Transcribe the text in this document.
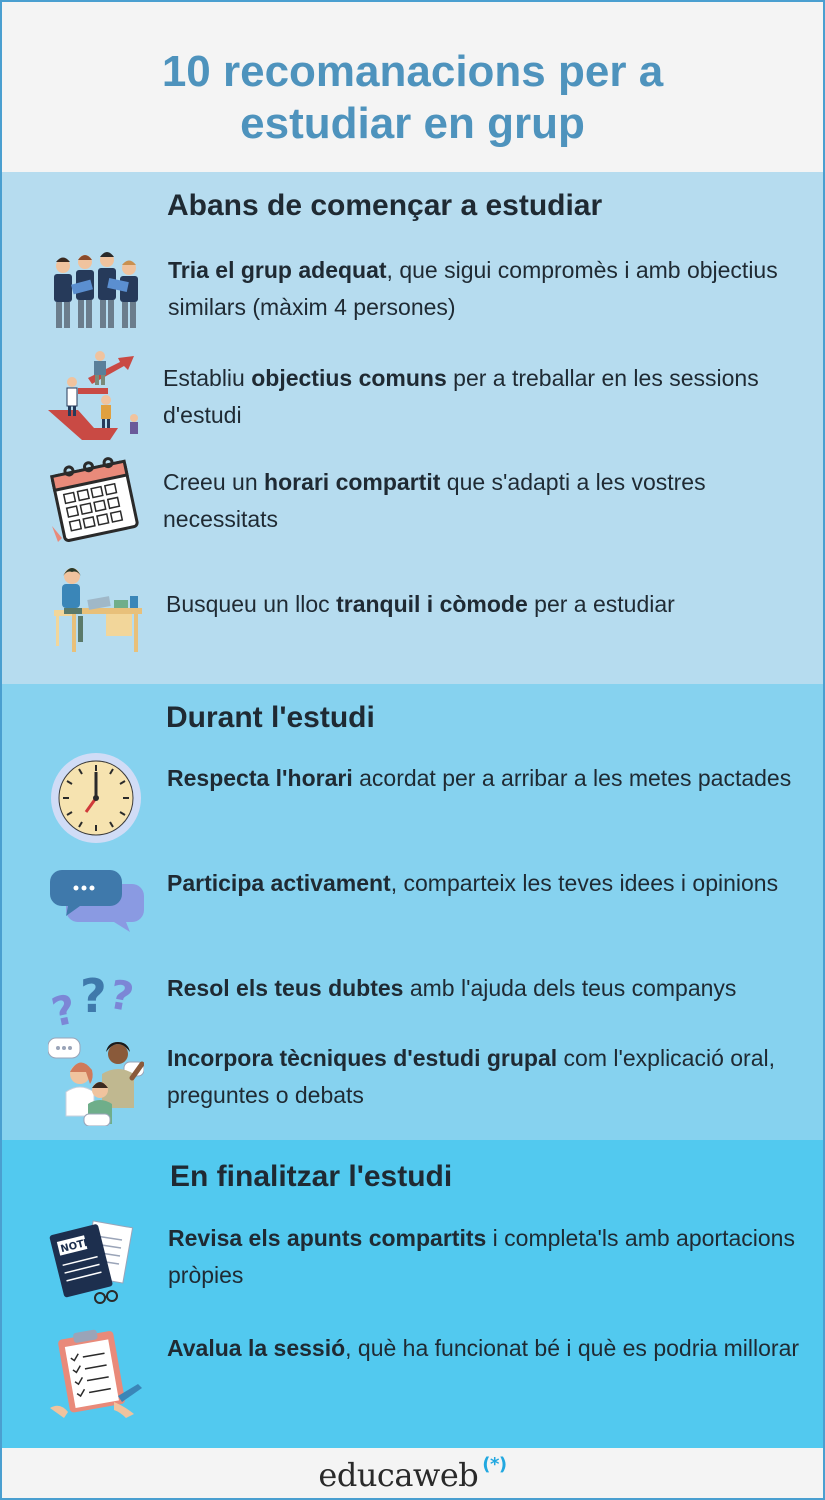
10 recomanacions per a
estudiar en grup
Abans de començar a estudiar
Tria el grup adequat, que sigui compromès i amb objectius similars (màxim 4 persones)
Establiu objectius comuns per a treballar en les sessions d'estudi
Creeu un horari compartit que s'adapti a les vostres necessitats
Busqueu un lloc tranquil i còmode per a estudiar
Durant l'estudi
Respecta l'horari acordat per a arribar a les metes pactades
Participa activament, comparteix les teves idees i opinions
? ? ? Resol els teus dubtes amb l'ajuda dels teus companys
Incorpora tècniques d'estudi grupal com l'explicació oral, preguntes o debats
En finalitzar l'estudi
NOTE	Revisa els apunts compartits i completa'ls amb aportacions pròpies
Avalua la sessió, què ha funcionat bé i què es podria millorar
educaweb (*)
